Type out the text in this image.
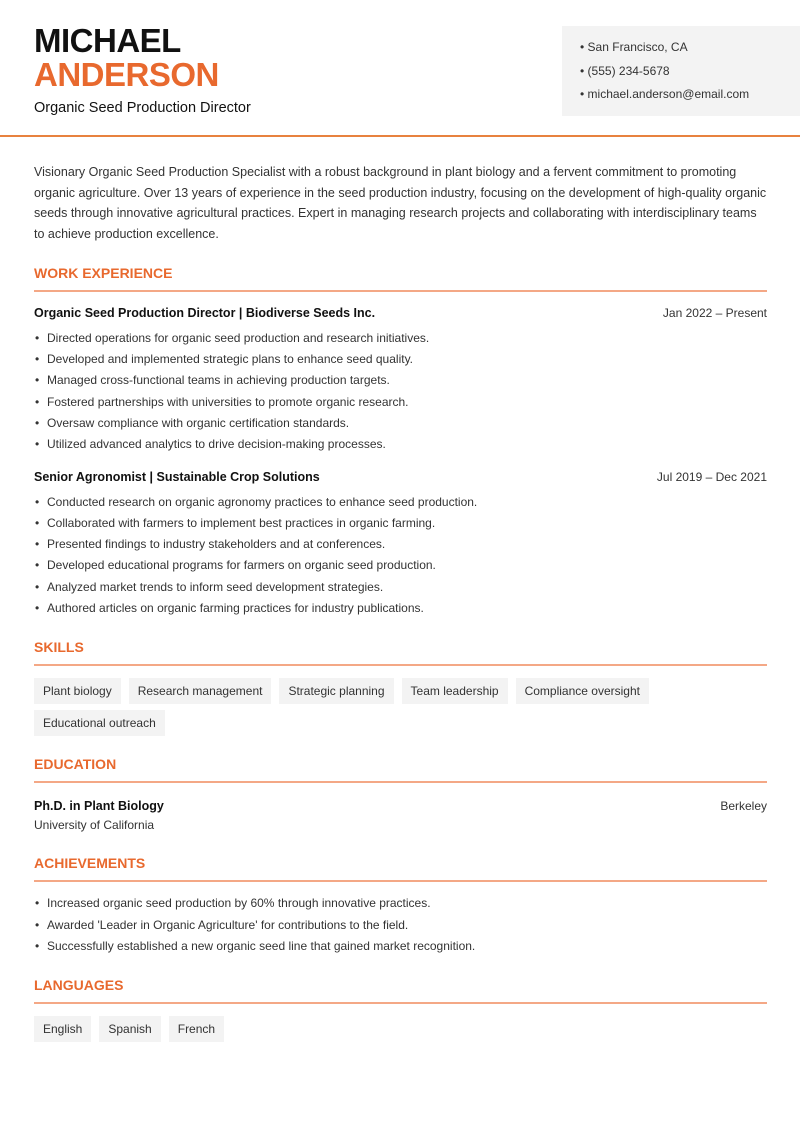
MICHAEL
ANDERSON
Organic Seed Production Director
• San Francisco, CA
• (555) 234-5678
• michael.anderson@email.com

Visionary Organic Seed Production Specialist with a robust background in plant biology and a fervent commitment to promoting organic agriculture. Over 13 years of experience in the seed production industry, focusing on the development of high-quality organic seeds through innovative agricultural practices. Expert in managing research projects and collaborating with interdisciplinary teams to achieve production excellence.

WORK EXPERIENCE
Organic Seed Production Director | Biodiverse Seeds Inc.	Jan 2022 – Present
• Directed operations for organic seed production and research initiatives.
• Developed and implemented strategic plans to enhance seed quality.
• Managed cross-functional teams in achieving production targets.
• Fostered partnerships with universities to promote organic research.
• Oversaw compliance with organic certification standards.
• Utilized advanced analytics to drive decision-making processes.
Senior Agronomist | Sustainable Crop Solutions	Jul 2019 – Dec 2021
• Conducted research on organic agronomy practices to enhance seed production.
• Collaborated with farmers to implement best practices in organic farming.
• Presented findings to industry stakeholders and at conferences.
• Developed educational programs for farmers on organic seed production.
• Analyzed market trends to inform seed development strategies.
• Authored articles on organic farming practices for industry publications.
SKILLS
Plant biology	Research management	Strategic planning	Team leadership	Compliance oversight
Educational outreach
EDUCATION
Ph.D. in Plant Biology	Berkeley
University of California
ACHIEVEMENTS
• Increased organic seed production by 60% through innovative practices.
• Awarded 'Leader in Organic Agriculture' for contributions to the field.
• Successfully established a new organic seed line that gained market recognition.
LANGUAGES
English	Spanish	French
